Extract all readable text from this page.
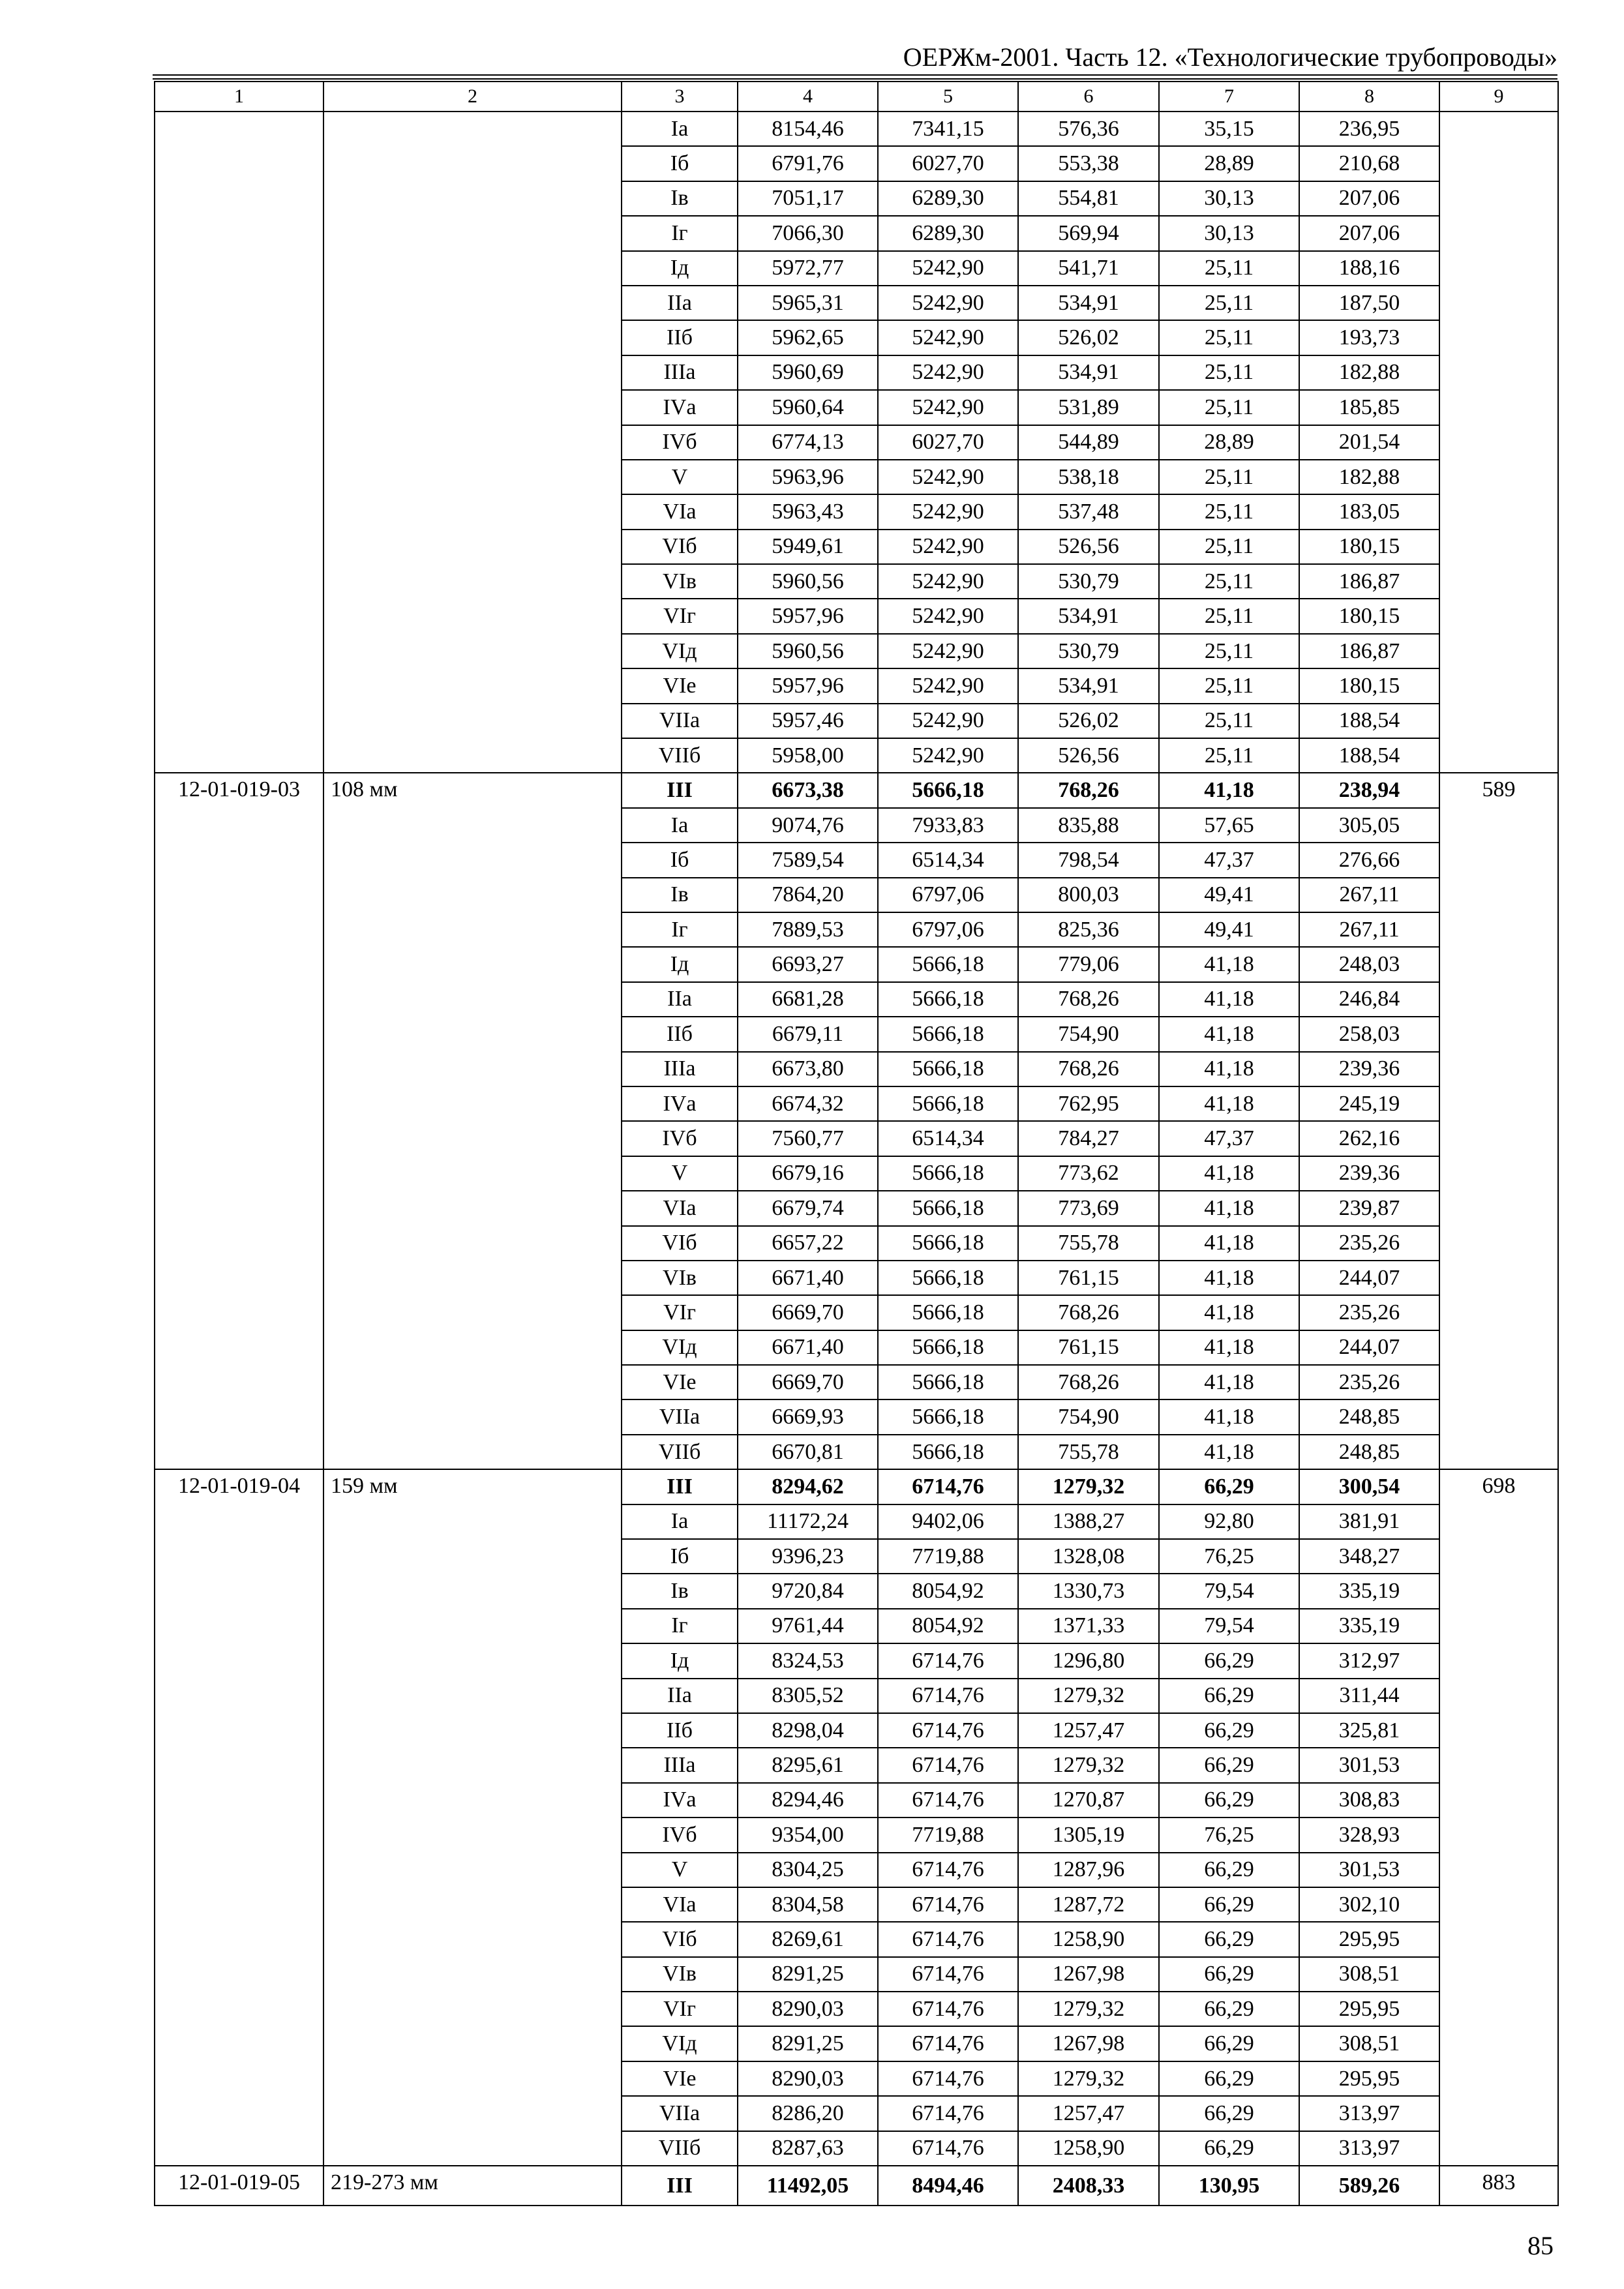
ОЕРЖм-2001. Часть 12. «Технологические трубопроводы»
1	2	3	4	5	6	7	8	9
		Iа	8154,46	7341,15	576,36	35,15	236,95	
		Iб	6791,76	6027,70	553,38	28,89	210,68	
		Iв	7051,17	6289,30	554,81	30,13	207,06	
		Iг	7066,30	6289,30	569,94	30,13	207,06	
		Iд	5972,77	5242,90	541,71	25,11	188,16	
		IIа	5965,31	5242,90	534,91	25,11	187,50	
		IIб	5962,65	5242,90	526,02	25,11	193,73	
		IIIа	5960,69	5242,90	534,91	25,11	182,88	
		IVа	5960,64	5242,90	531,89	25,11	185,85	
		IVб	6774,13	6027,70	544,89	28,89	201,54	
		V	5963,96	5242,90	538,18	25,11	182,88	
		VIа	5963,43	5242,90	537,48	25,11	183,05	
		VIб	5949,61	5242,90	526,56	25,11	180,15	
		VIв	5960,56	5242,90	530,79	25,11	186,87	
		VIг	5957,96	5242,90	534,91	25,11	180,15	
		VIд	5960,56	5242,90	530,79	25,11	186,87	
		VIе	5957,96	5242,90	534,91	25,11	180,15	
		VIIа	5957,46	5242,90	526,02	25,11	188,54	
		VIIб	5958,00	5242,90	526,56	25,11	188,54	
12-01-019-03	108 мм	III	6673,38	5666,18	768,26	41,18	238,94	589
		Iа	9074,76	7933,83	835,88	57,65	305,05	
		Iб	7589,54	6514,34	798,54	47,37	276,66	
		Iв	7864,20	6797,06	800,03	49,41	267,11	
		Iг	7889,53	6797,06	825,36	49,41	267,11	
		Iд	6693,27	5666,18	779,06	41,18	248,03	
		IIа	6681,28	5666,18	768,26	41,18	246,84	
		IIб	6679,11	5666,18	754,90	41,18	258,03	
		IIIа	6673,80	5666,18	768,26	41,18	239,36	
		IVа	6674,32	5666,18	762,95	41,18	245,19	
		IVб	7560,77	6514,34	784,27	47,37	262,16	
		V	6679,16	5666,18	773,62	41,18	239,36	
		VIа	6679,74	5666,18	773,69	41,18	239,87	
		VIб	6657,22	5666,18	755,78	41,18	235,26	
		VIв	6671,40	5666,18	761,15	41,18	244,07	
		VIг	6669,70	5666,18	768,26	41,18	235,26	
		VIд	6671,40	5666,18	761,15	41,18	244,07	
		VIе	6669,70	5666,18	768,26	41,18	235,26	
		VIIа	6669,93	5666,18	754,90	41,18	248,85	
		VIIб	6670,81	5666,18	755,78	41,18	248,85	
12-01-019-04	159 мм	III	8294,62	6714,76	1279,32	66,29	300,54	698
		Iа	11172,24	9402,06	1388,27	92,80	381,91	
		Iб	9396,23	7719,88	1328,08	76,25	348,27	
		Iв	9720,84	8054,92	1330,73	79,54	335,19	
		Iг	9761,44	8054,92	1371,33	79,54	335,19	
		Iд	8324,53	6714,76	1296,80	66,29	312,97	
		IIа	8305,52	6714,76	1279,32	66,29	311,44	
		IIб	8298,04	6714,76	1257,47	66,29	325,81	
		IIIа	8295,61	6714,76	1279,32	66,29	301,53	
		IVа	8294,46	6714,76	1270,87	66,29	308,83	
		IVб	9354,00	7719,88	1305,19	76,25	328,93	
		V	8304,25	6714,76	1287,96	66,29	301,53	
		VIа	8304,58	6714,76	1287,72	66,29	302,10	
		VIб	8269,61	6714,76	1258,90	66,29	295,95	
		VIв	8291,25	6714,76	1267,98	66,29	308,51	
		VIг	8290,03	6714,76	1279,32	66,29	295,95	
		VIд	8291,25	6714,76	1267,98	66,29	308,51	
		VIе	8290,03	6714,76	1279,32	66,29	295,95	
		VIIа	8286,20	6714,76	1257,47	66,29	313,97	
		VIIб	8287,63	6714,76	1258,90	66,29	313,97	
12-01-019-05	219-273 мм	III	11492,05	8494,46	2408,33	130,95	589,26	883
85
